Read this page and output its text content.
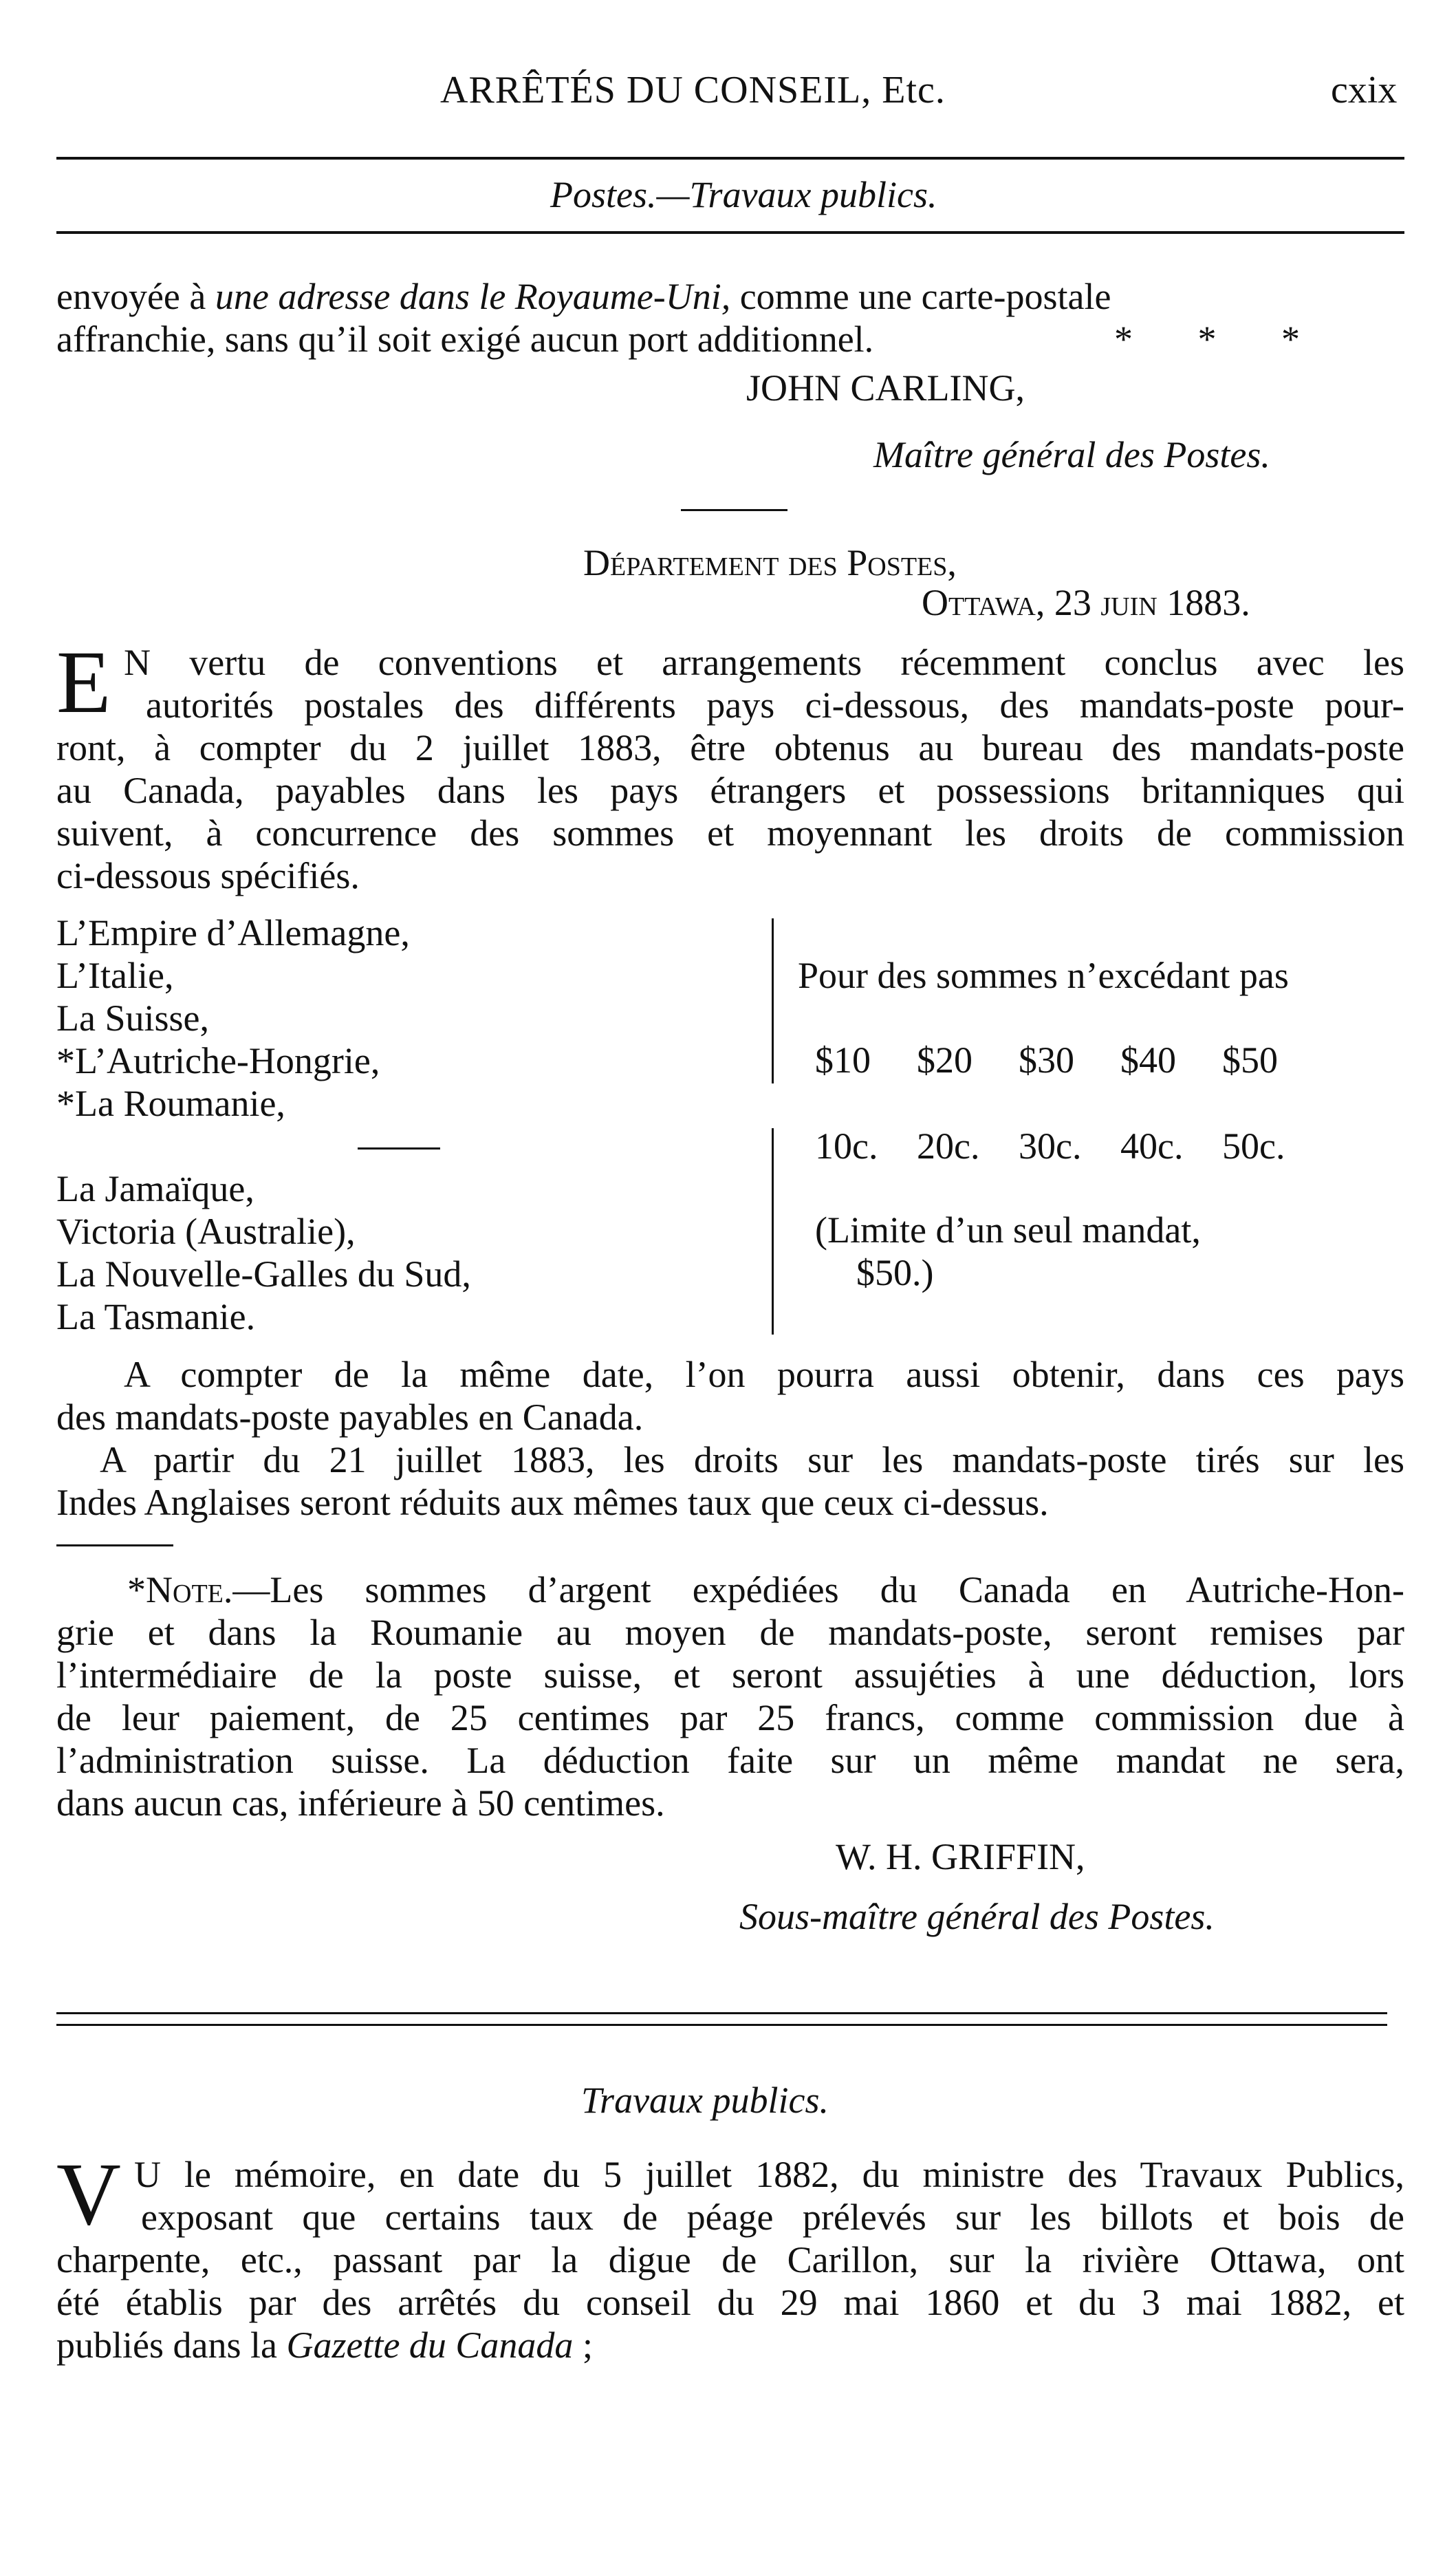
ARRÊTÉS DU CONSEIL, Etc.	cxix
Postes.—Travaux publics.
envoyée à une adresse dans le Royaume-Uni, comme une carte-postale
affranchie, sans qu’il soit exigé aucun port additionnel.	*       *       *
JOHN CARLING,
Maître général des Postes.
Département des Postes,
Ottawa, 23 juin 1883.
E N vertu de conventions et arrangements récemment conclus avec les
autorités postales des différents pays ci-dessous, des mandats-poste pour-
ront, à compter du 2 juillet 1883, être obtenus au bureau des mandats-poste
au Canada, payables dans les pays étrangers et possessions britanniques qui
suivent, à concurrence des sommes et moyennant les droits de commission
ci-dessous spécifiés.
L’Empire d’Allemagne,
L’Italie,
La Suisse,
*L’Autriche-Hongrie,
*La Roumanie,
Pour des sommes n’excédant pas
$10 $20 $30 $40 $50
La Jamaïque,
Victoria (Australie),
La Nouvelle-Galles du Sud,
La Tasmanie.
10c. 20c. 30c. 40c. 50c.
(Limite d’un seul mandat,
$50.)
A compter de la même date, l’on pourra aussi obtenir, dans ces pays
des mandats-poste payables en Canada.
A partir du 21 juillet 1883, les droits sur les mandats-poste tirés sur les
Indes Anglaises seront réduits aux mêmes taux que ceux ci-dessus.
*Note.—Les sommes d’argent expédiées du Canada en Autriche-Hon-
grie et dans la Roumanie au moyen de mandats-poste, seront remises par
l’intermédiaire de la poste suisse, et seront assujéties à une déduction, lors
de leur paiement, de 25 centimes par 25 francs, comme commission due à
l’administration suisse. La déduction faite sur un même mandat ne sera,
dans aucun cas, inférieure à 50 centimes.
W. H. GRIFFIN,
Sous-maître général des Postes.
Travaux publics.
V U le mémoire, en date du 5 juillet 1882, du ministre des Travaux Publics,
exposant que certains taux de péage prélevés sur les billots et bois de
charpente, etc., passant par la digue de Carillon, sur la rivière Ottawa, ont
été établis par des arrêtés du conseil du 29 mai 1860 et du 3 mai 1882, et
publiés dans la Gazette du Canada ;
